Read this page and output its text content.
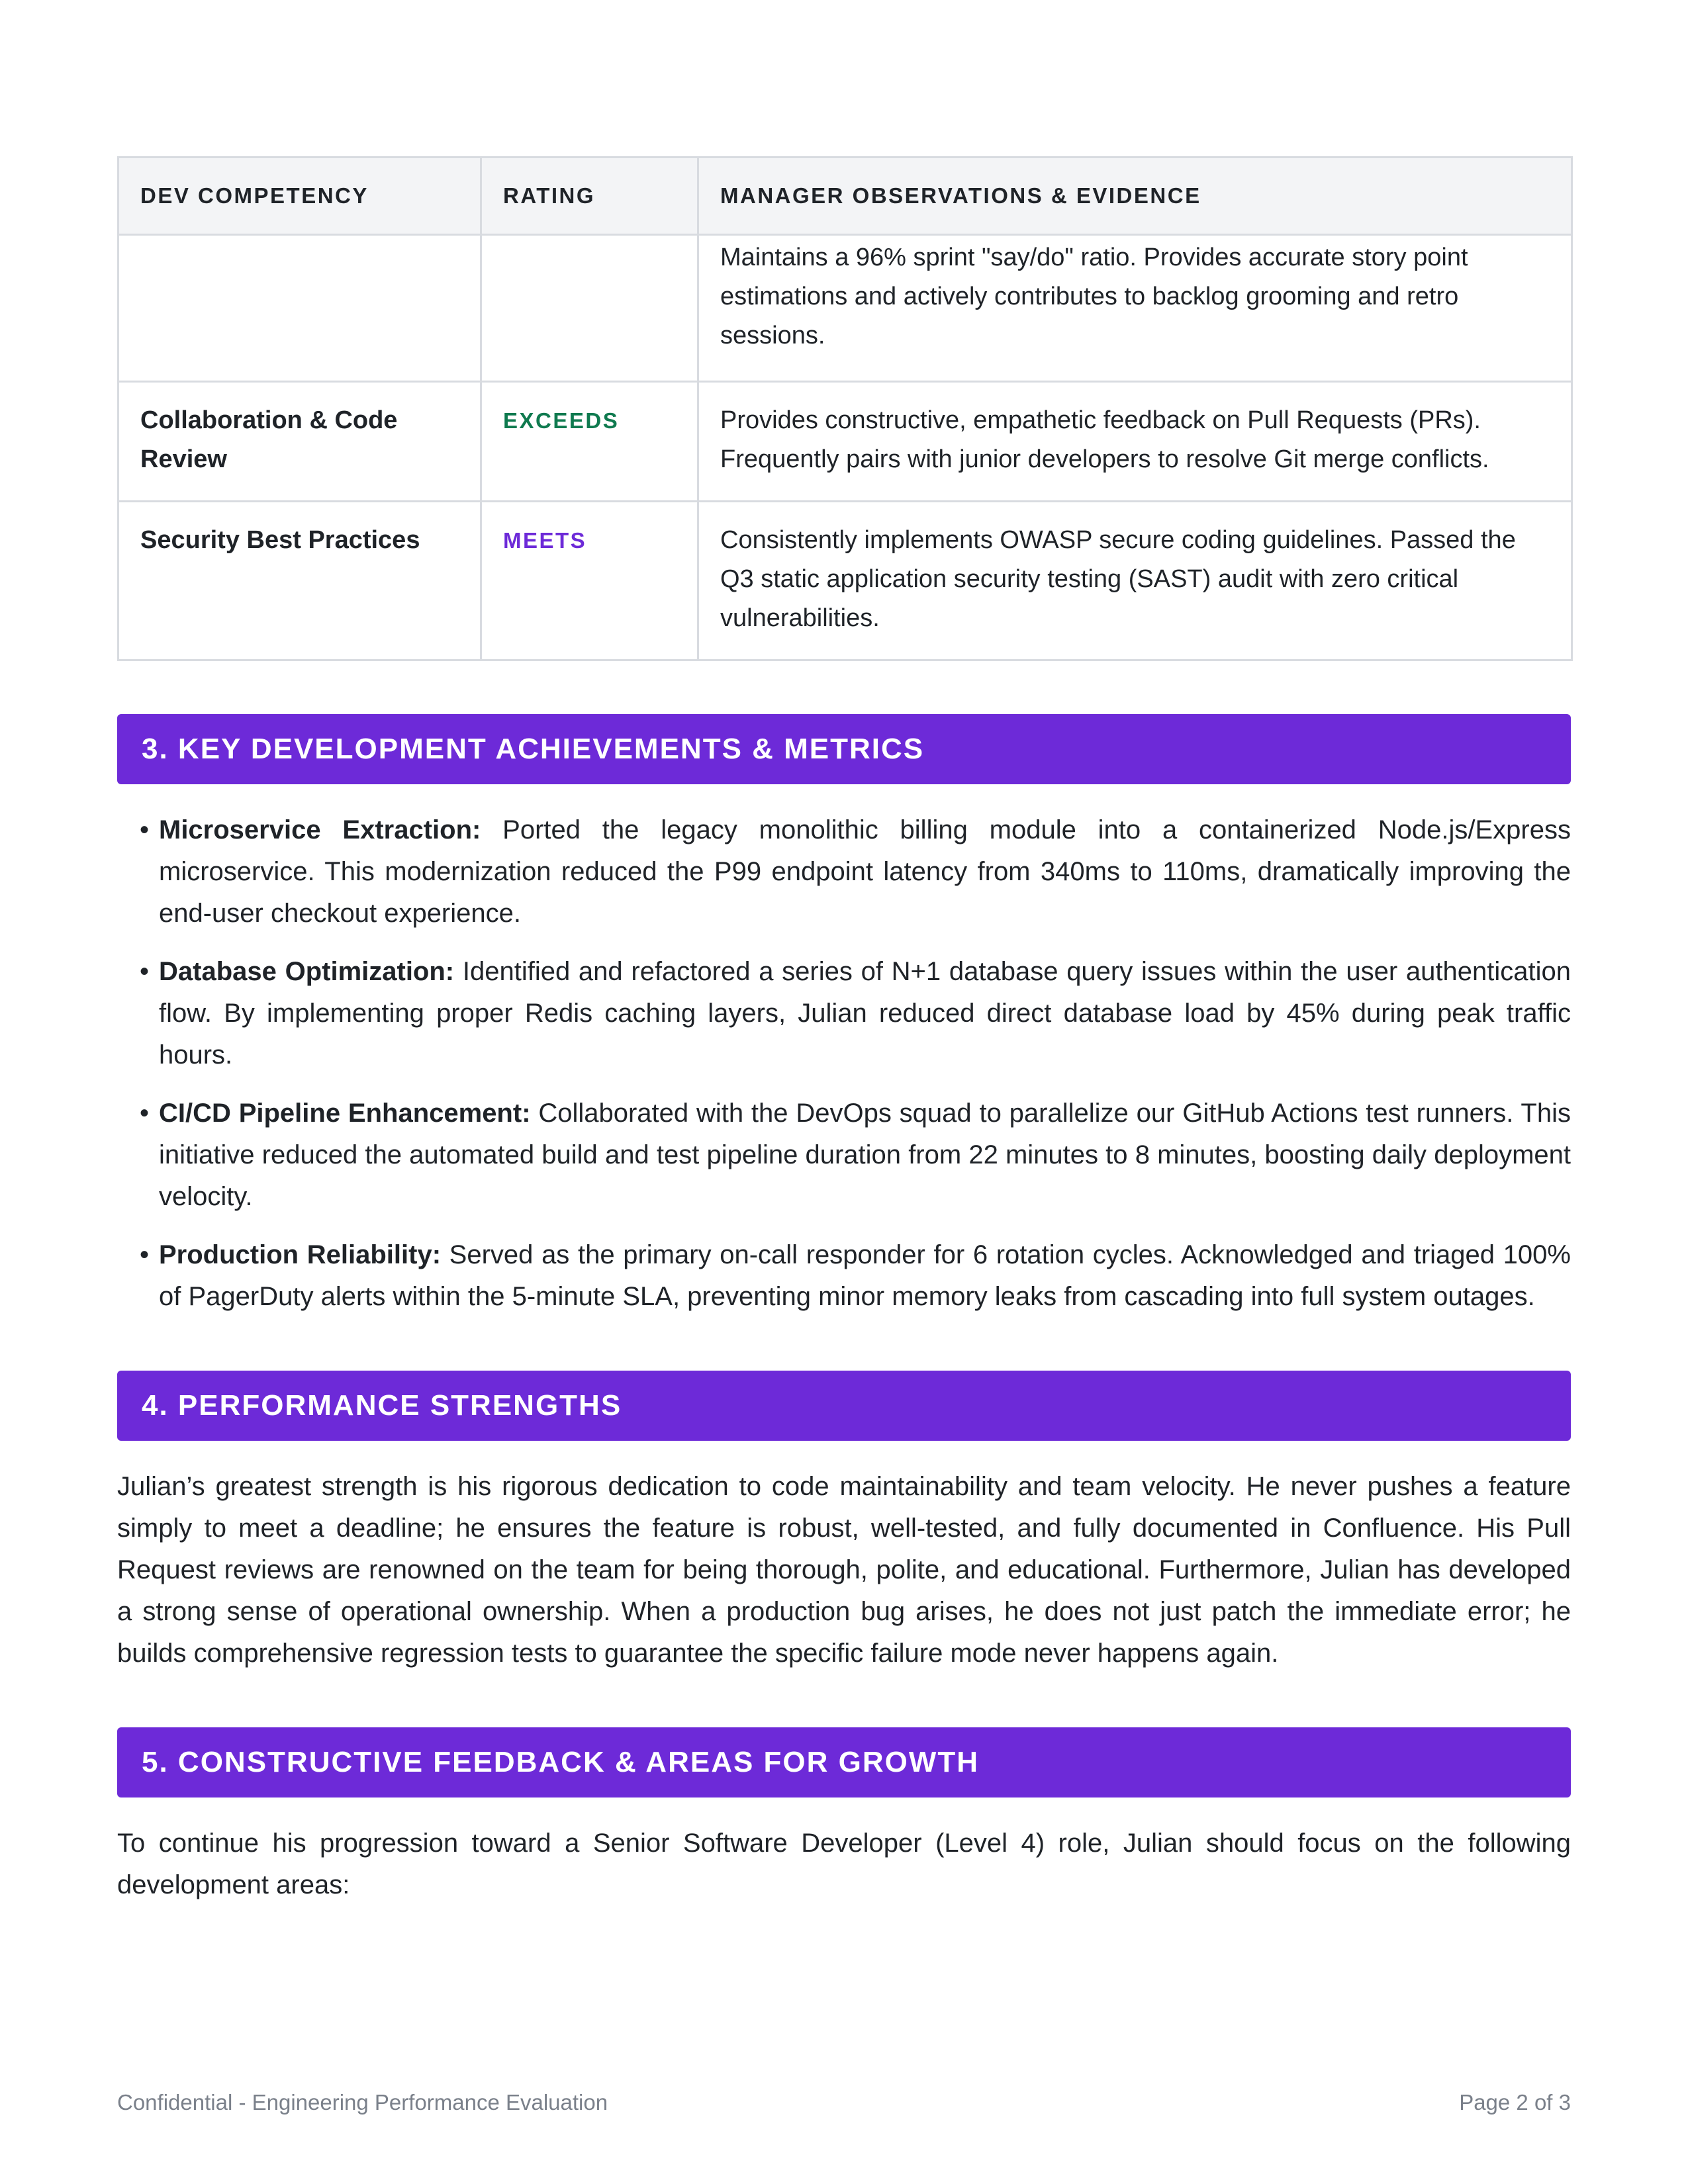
DEV COMPETENCY	RATING	MANAGER OBSERVATIONS & EVIDENCE
		Maintains a 96% sprint "say/do" ratio. Provides accurate story point estimations and actively contributes to backlog grooming and retro sessions.
Collaboration & Code Review	EXCEEDS	Provides constructive, empathetic feedback on Pull Requests (PRs). Frequently pairs with junior developers to resolve Git merge conflicts.
Security Best Practices	MEETS	Consistently implements OWASP secure coding guidelines. Passed the Q3 static application security testing (SAST) audit with zero critical vulnerabilities.
3. KEY DEVELOPMENT ACHIEVEMENTS & METRICS
• Microservice Extraction: Ported the legacy monolithic billing module into a containerized Node.js/Express microservice. This modernization reduced the P99 endpoint latency from 340ms to 110ms, dramatically improving the end-user checkout experience.
• Database Optimization: Identified and refactored a series of N+1 database query issues within the user authentication flow. By implementing proper Redis caching layers, Julian reduced direct database load by 45% during peak traffic hours.
• CI/CD Pipeline Enhancement: Collaborated with the DevOps squad to parallelize our GitHub Actions test runners. This initiative reduced the automated build and test pipeline duration from 22 minutes to 8 minutes, boosting daily deployment velocity.
• Production Reliability: Served as the primary on-call responder for 6 rotation cycles. Acknowledged and triaged 100% of PagerDuty alerts within the 5-minute SLA, preventing minor memory leaks from cascading into full system outages.
4. PERFORMANCE STRENGTHS

Julian’s greatest strength is his rigorous dedication to code maintainability and team velocity. He never pushes a feature simply to meet a deadline; he ensures the feature is robust, well-tested, and fully documented in Confluence. His Pull Request reviews are renowned on the team for being thorough, polite, and educational. Furthermore, Julian has developed a strong sense of operational ownership. When a production bug arises, he does not just patch the immediate error; he builds comprehensive regression tests to guarantee the specific failure mode never happens again.

5. CONSTRUCTIVE FEEDBACK & AREAS FOR GROWTH

To continue his progression toward a Senior Software Developer (Level 4) role, Julian should focus on the following development areas:

Confidential - Engineering Performance Evaluation	Page 2 of 3
